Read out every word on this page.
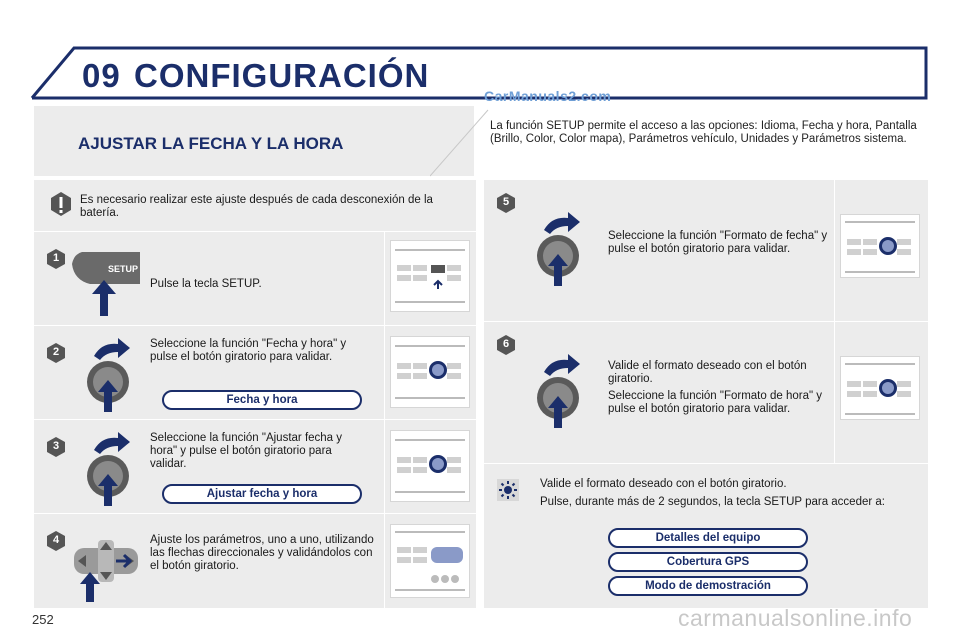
09 CONFIGURACIÓN
CarManuals2.com
AJUSTAR LA FECHA Y LA HORA
La función SETUP permite el acceso a las opciones: Idioma, Fecha y hora, Pantalla (Brillo, Color, Color mapa), Parámetros vehículo, Unidades y Parámetros sistema.
Es necesario realizar este ajuste después de cada desconexión de la batería.
1
SETUP
Pulse la tecla SETUP.
2
Seleccione la función "Fecha y hora" y pulse el botón giratorio para validar.
Fecha y hora
3
Seleccione la función "Ajustar fecha y hora" y pulse el botón giratorio para validar.
Ajustar fecha y hora
4	Ajuste los parámetros, uno a uno, utilizando las flechas direccionales y validándolos con el botón giratorio.
5
Seleccione la función "Formato de fecha" y pulse el botón giratorio para validar.
6
Valide el formato deseado con el botón giratorio.
Seleccione la función "Formato de hora" y pulse el botón giratorio para validar.
Valide el formato deseado con el botón giratorio.
Pulse, durante más de 2 segundos, la tecla SETUP para acceder a:
Detalles del equipo
Cobertura GPS
Modo de demostración
252	carmanualsonline.info
